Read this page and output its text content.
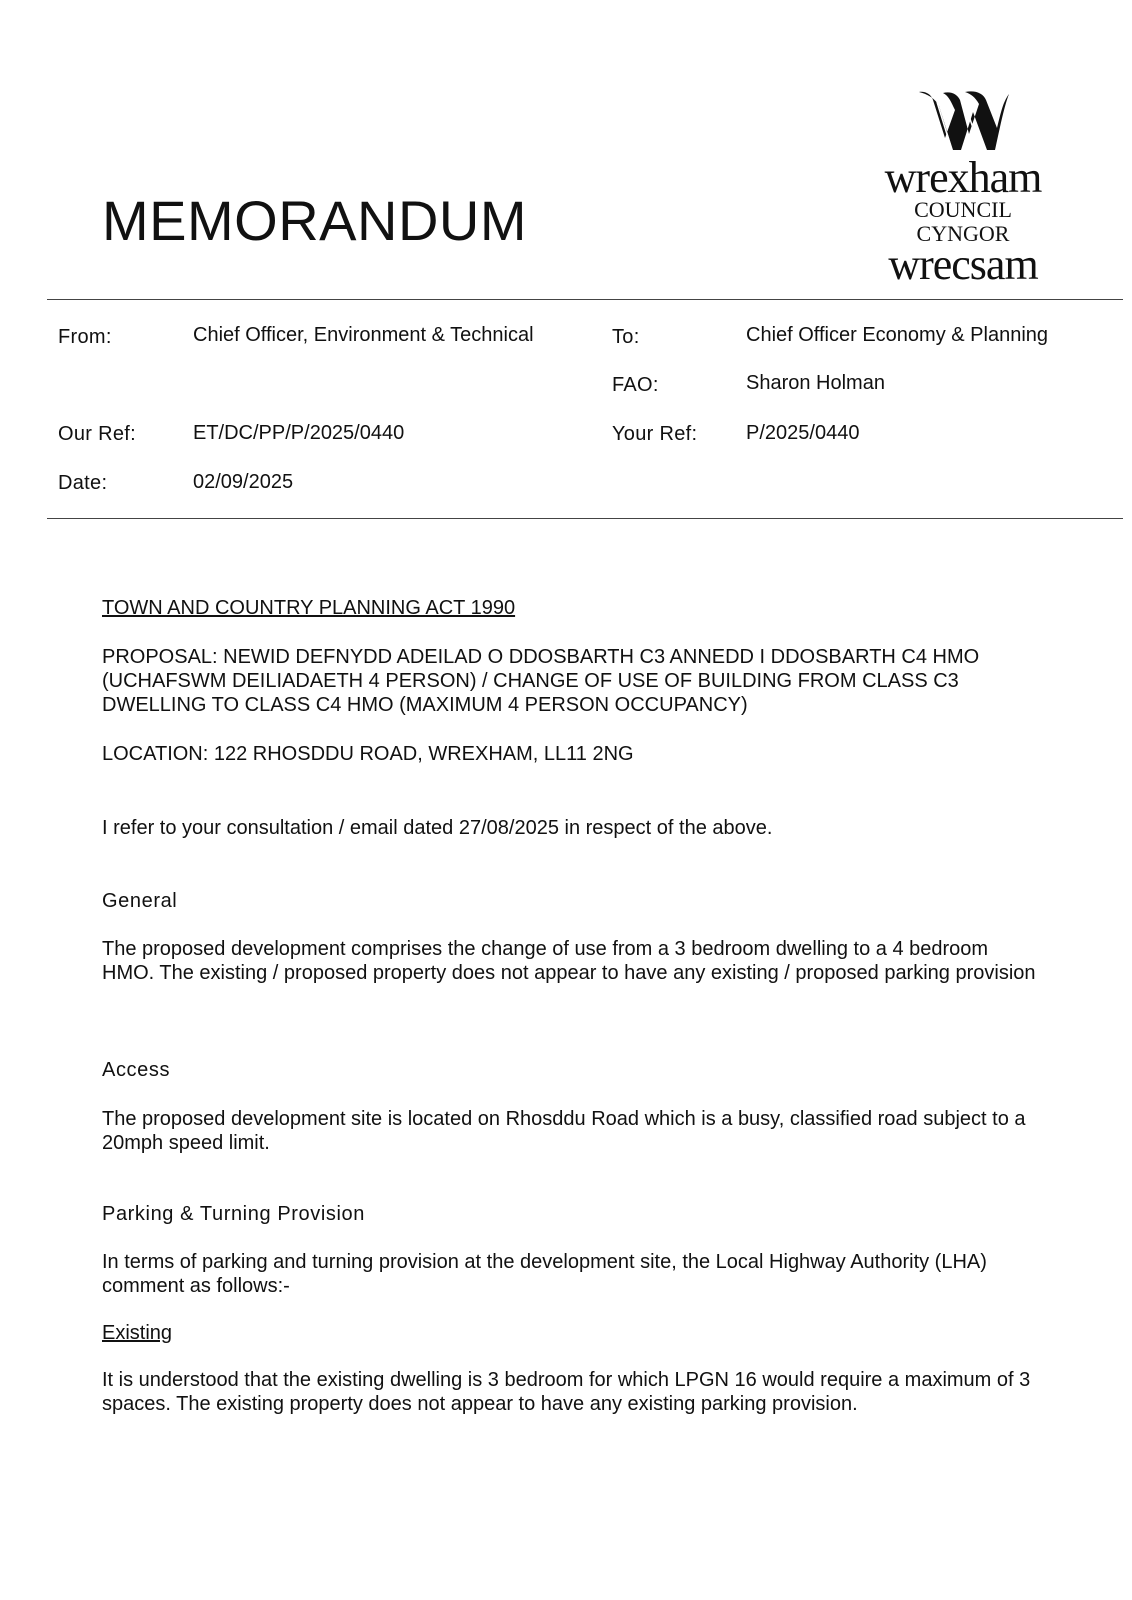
MEMORANDUM
wrexham
COUNCIL
CYNGOR
wrecsam
From:	Chief Officer, Environment & Technical	To:	Chief Officer Economy & Planning
FAO:	Sharon Holman
Our Ref:	ET/DC/PP/P/2025/0440	Your Ref: P/2025/0440
Date:	02/09/2025
TOWN AND COUNTRY PLANNING ACT 1990
PROPOSAL: NEWID DEFNYDD ADEILAD O DDOSBARTH C3 ANNEDD I DDOSBARTH C4 HMO (UCHAFSWM DEILIADAETH 4 PERSON) / CHANGE OF USE OF BUILDING FROM CLASS C3 DWELLING TO CLASS C4 HMO (MAXIMUM 4 PERSON OCCUPANCY)
LOCATION: 122 RHOSDDU ROAD, WREXHAM, LL11 2NG
I refer to your consultation / email dated 27/08/2025 in respect of the above.
General
The proposed development comprises the change of use from a 3 bedroom dwelling to a 4 bedroom HMO. The existing / proposed property does not appear to have any existing / proposed parking provision
Access
The proposed development site is located on Rhosddu Road which is a busy, classified road subject to a 20mph speed limit.
Parking & Turning Provision
In terms of parking and turning provision at the development site, the Local Highway Authority (LHA) comment as follows:-
Existing
It is understood that the existing dwelling is 3 bedroom for which LPGN 16 would require a maximum of 3 spaces. The existing property does not appear to have any existing parking provision.
